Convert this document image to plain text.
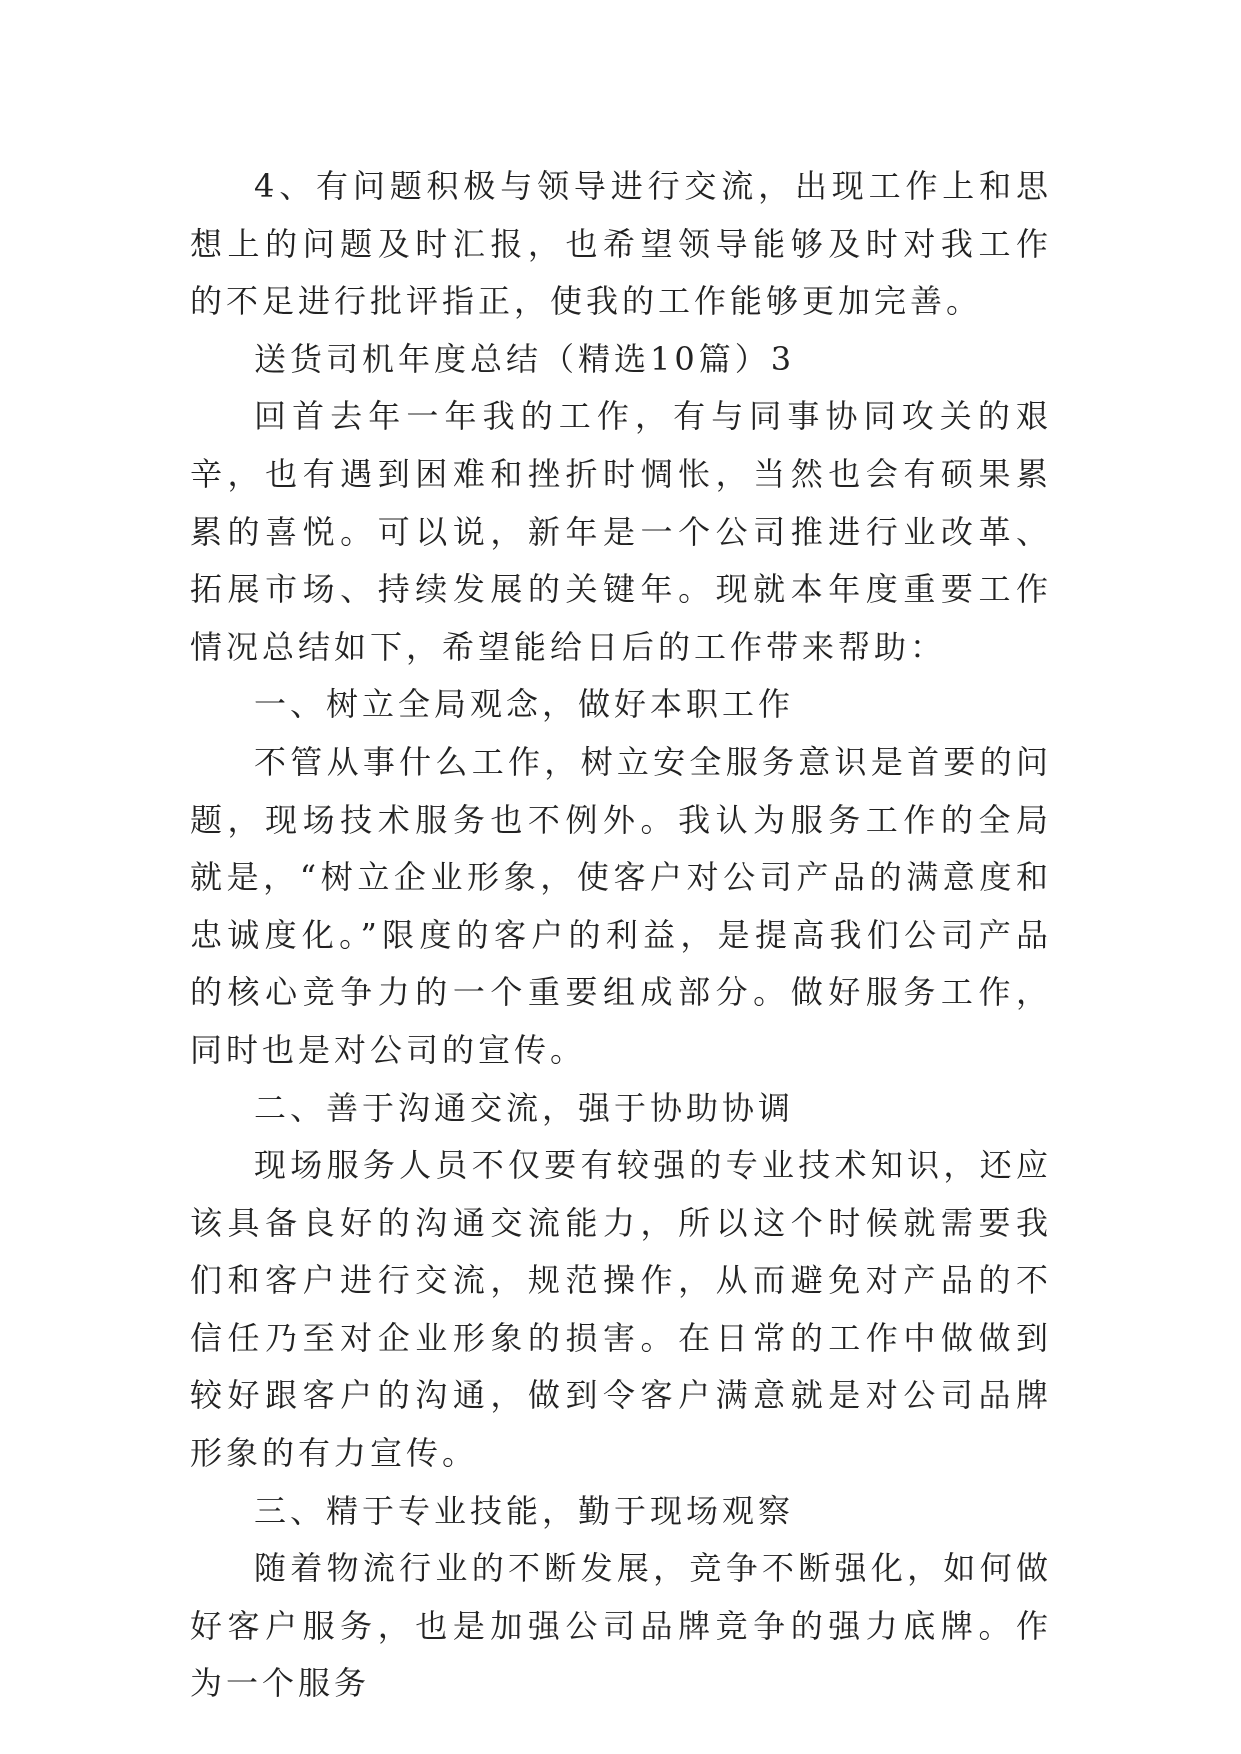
4、有问题积极与领导进行交流，出现工作上和思想上的问题及时汇报，也希望领导能够及时对我工作的不足进行批评指正，使我的工作能够更加完善。

送货司机年度总结（精选10篇）3

回首去年一年我的工作，有与同事协同攻关的艰辛，也有遇到困难和挫折时惆怅，当然也会有硕果累累的喜悦。可以说，新年是一个公司推进行业改革、拓展市场、持续发展的关键年。现就本年度重要工作情况总结如下，希望能给日后的工作带来帮助：

一、树立全局观念，做好本职工作

不管从事什么工作，树立安全服务意识是首要的问题，现场技术服务也不例外。我认为服务工作的全局就是，“树立企业形象，使客户对公司产品的满意度和忠诚度化。”限度的客户的利益，是提高我们公司产品的核心竞争力的一个重要组成部分。做好服务工作，同时也是对公司的宣传。

二、善于沟通交流，强于协助协调

现场服务人员不仅要有较强的专业技术知识，还应该具备良好的沟通交流能力，所以这个时候就需要我们和客户进行交流，规范操作，从而避免对产品的不信任乃至对企业形象的损害。在日常的工作中做做到较好跟客户的沟通，做到令客户满意就是对公司品牌形象的有力宣传。

三、精于专业技能，勤于现场观察

随着物流行业的不断发展，竞争不断强化，如何做好客户服务，也是加强公司品牌竞争的强力底牌。作为一个服务
